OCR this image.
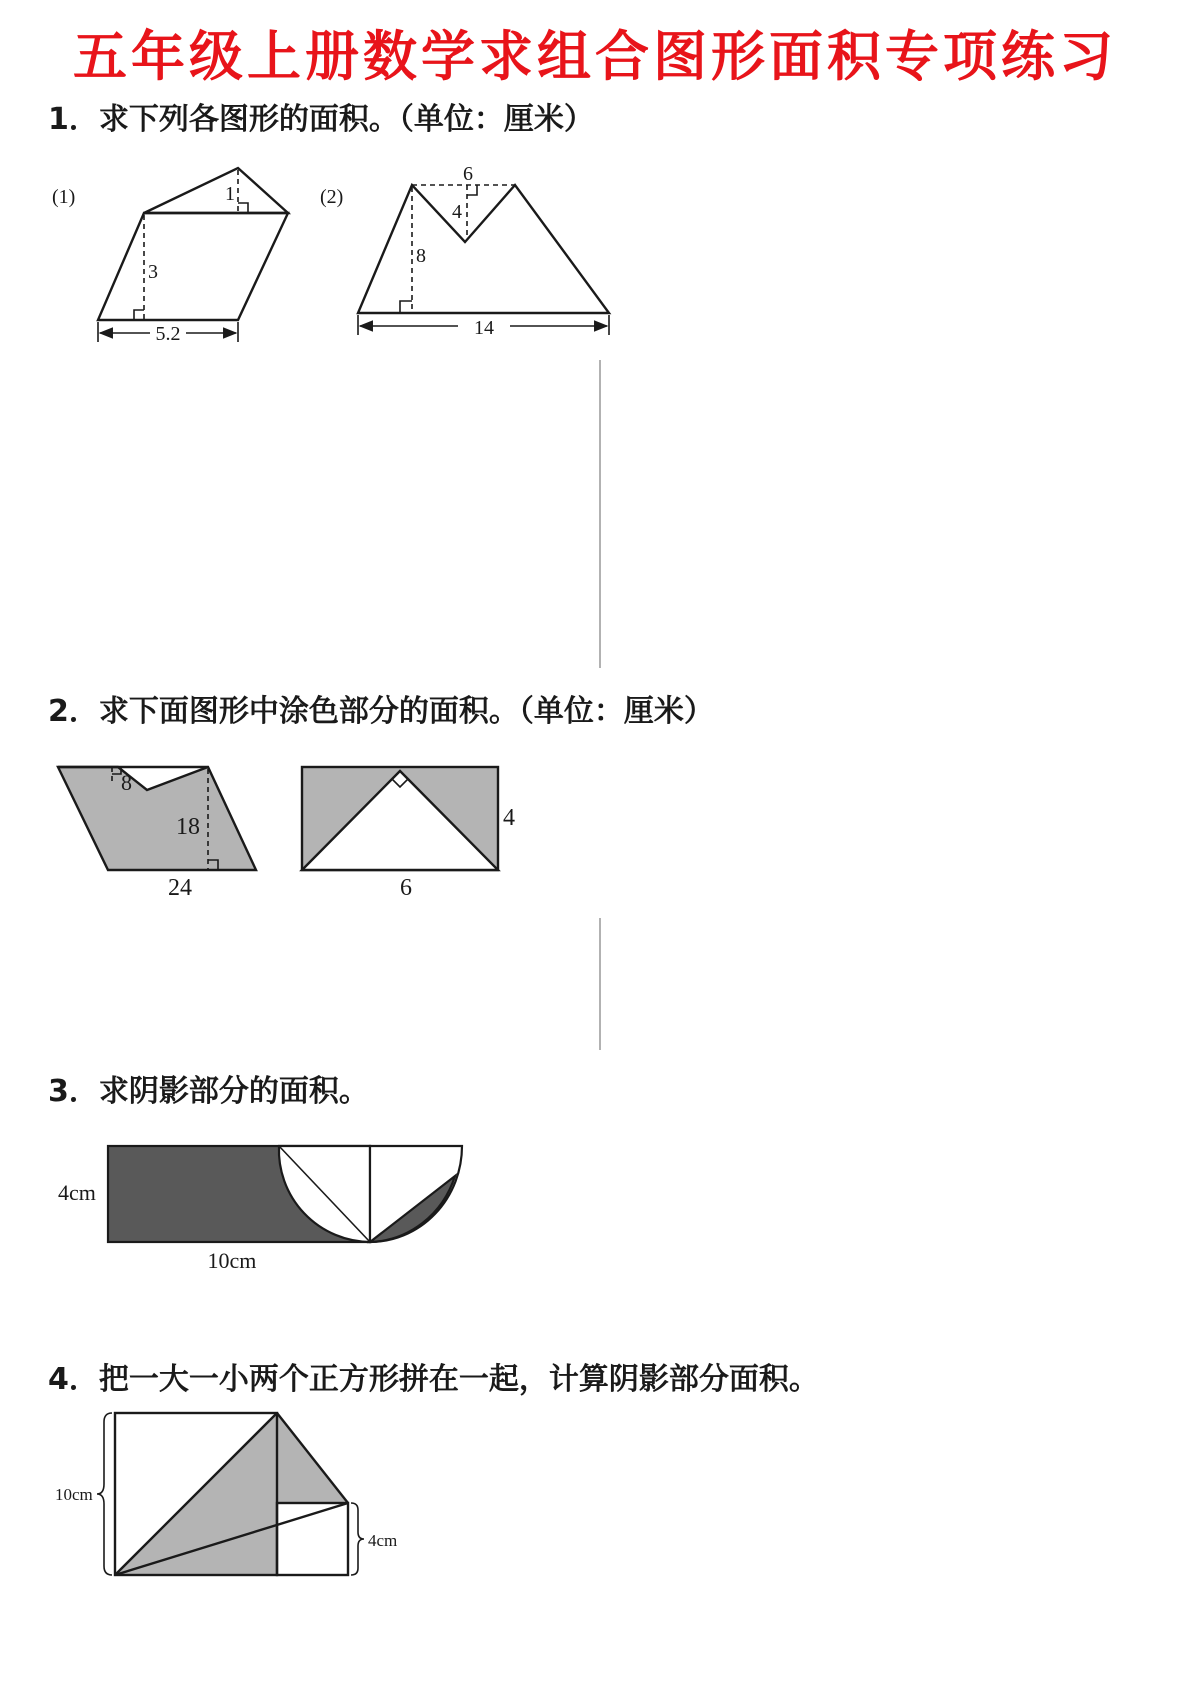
五年级上册数学求组合图形面积专项练习
1．求下列各图形的面积。（单位：厘米）
2．求下面图形中涂色部分的面积。（单位：厘米）
3．求阴影部分的面积。
4．把一大一小两个正方形拼在一起，计算阴影部分面积。
(1)	1
3
5.2
(2)
6
4
8
14
8
18
24
4
6
4cm
10cm
10cm
4cm
